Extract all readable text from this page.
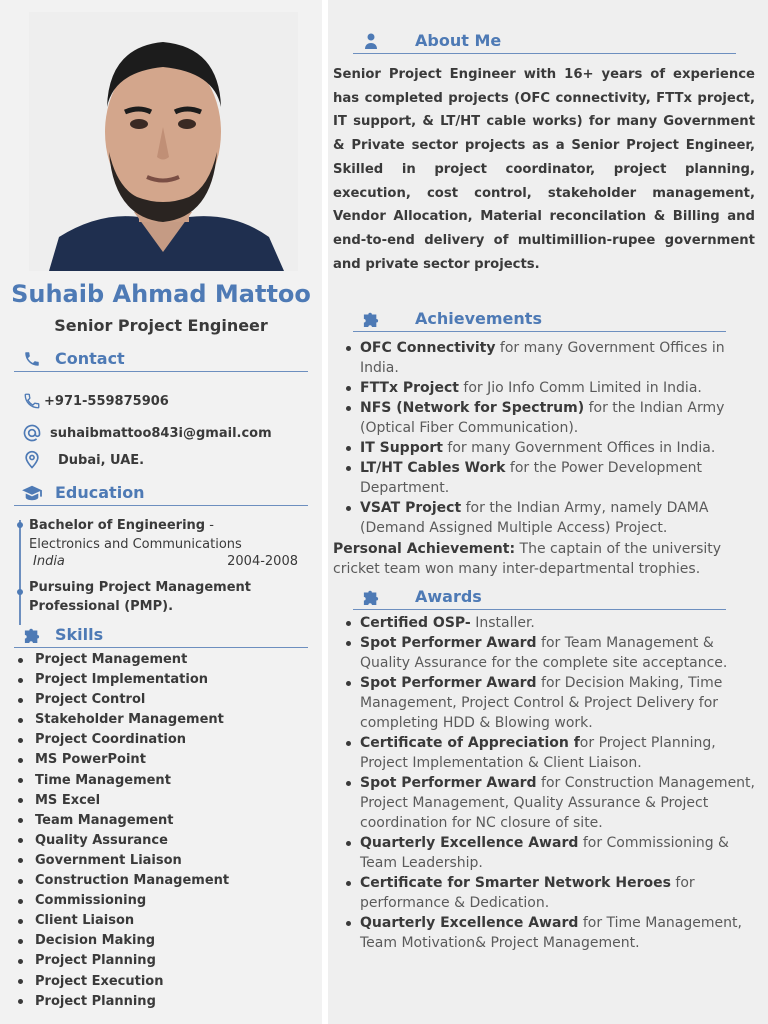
Suhaib Ahmad Mattoo
Senior Project Engineer
Contact
+971-559875906
suhaibmattoo843i@gmail.com
Dubai, UAE.
Education
Bachelor of Engineering -
Electronics and Communications
India	2004-2008
Pursuing Project Management Professional (PMP).
Skills
Project Management
Project Implementation
Project Control
Stakeholder Management
Project Coordination
MS PowerPoint
Time Management
MS Excel
Team Management
Quality Assurance
Government Liaison
Construction Management
Commissioning
Client Liaison
Decision Making
Project Planning
Project Execution
Project Planning
About Me
Senior Project Engineer with 16+ years of experience has completed projects (OFC connectivity, FTTx project, IT support, & LT/HT cable works) for many Government & Private sector projects as a Senior Project Engineer, Skilled in project coordinator, project planning, execution, cost control, stakeholder management, Vendor Allocation, Material reconcilation & Billing and end-to-end delivery of multimillion-rupee government and private sector projects.
Achievements
OFC Connectivity for many Government Offices in India.
FTTx Project for Jio Info Comm Limited in India.
NFS (Network for Spectrum) for the Indian Army (Optical Fiber Communication).
IT Support for many Government Offices in India.
LT/HT Cables Work for the Power Development Department.
VSAT Project for the Indian Army, namely DAMA (Demand Assigned Multiple Access) Project.
Personal Achievement: The captain of the university cricket team won many inter-departmental trophies.
Awards
Certified OSP- Installer.
Spot Performer Award for Team Management & Quality Assurance for the complete site acceptance.
Spot Performer Award for Decision Making, Time Management, Project Control & Project Delivery for completing HDD & Blowing work.
Certificate of Appreciation for Project Planning, Project Implementation & Client Liaison.
Spot Performer Award for Construction Management, Project Management, Quality Assurance & Project coordination for NC closure of site.
Quarterly Excellence Award for Commissioning & Team Leadership.
Certificate for Smarter Network Heroes for performance & Dedication.
Quarterly Excellence Award for Time Management, Team Motivation& Project Management.
